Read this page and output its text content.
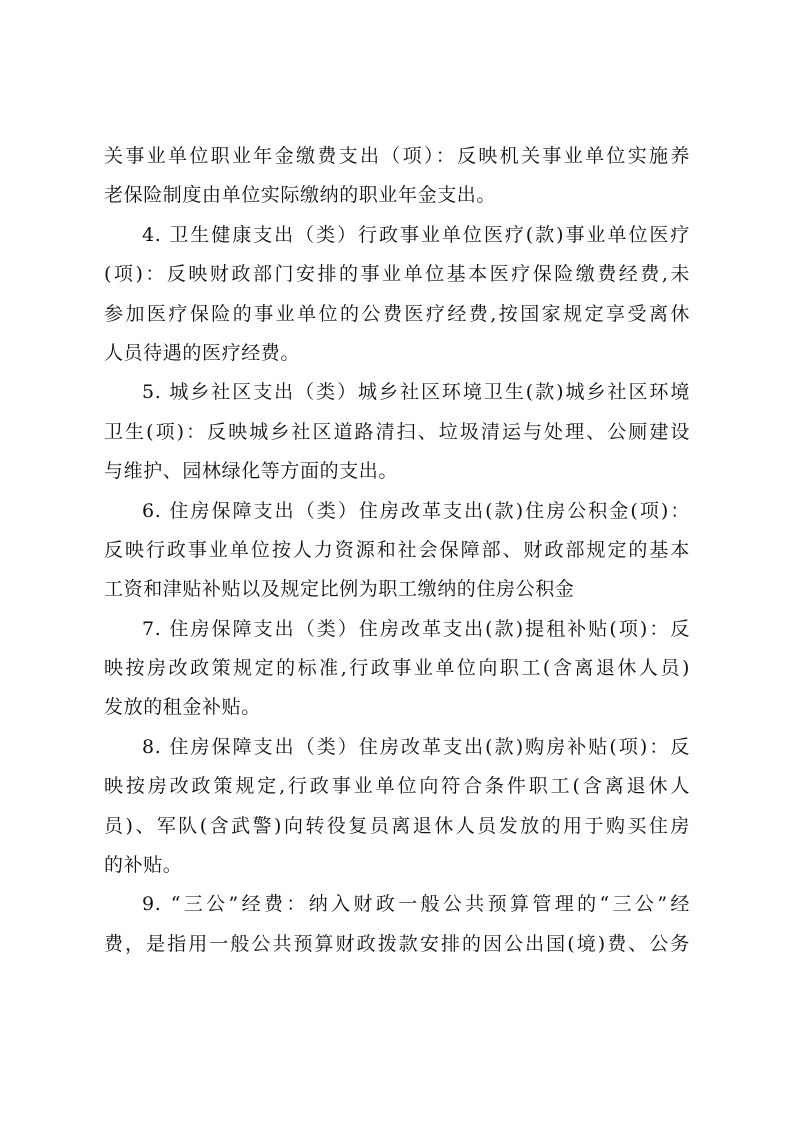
关事业单位职业年金缴费支出（项）：反映机关事业单位实施养
老保险制度由单位实际缴纳的职业年金支出。
4. 卫生健康支出（类）行政事业单位医疗(款)事业单位医疗
(项)：反映财政部门安排的事业单位基本医疗保险缴费经费,未
参加医疗保险的事业单位的公费医疗经费,按国家规定享受离休
人员待遇的医疗经费。
5. 城乡社区支出（类）城乡社区环境卫生(款)城乡社区环境
卫生(项)：反映城乡社区道路清扫、垃圾清运与处理、公厕建设
与维护、园林绿化等方面的支出。
6. 住房保障支出（类）住房改革支出(款)住房公积金(项)：
反映行政事业单位按人力资源和社会保障部、财政部规定的基本
工资和津贴补贴以及规定比例为职工缴纳的住房公积金
7. 住房保障支出（类）住房改革支出(款)提租补贴(项)：反
映按房改政策规定的标准,行政事业单位向职工(含离退休人员)
发放的租金补贴。
8. 住房保障支出（类）住房改革支出(款)购房补贴(项)：反
映按房改政策规定,行政事业单位向符合条件职工(含离退休人
员)、军队(含武警)向转役复员离退休人员发放的用于购买住房
的补贴。
9. “三公”经费：纳入财政一般公共预算管理的“三公”经
费，是指用一般公共预算财政拨款安排的因公出国(境)费、公务
